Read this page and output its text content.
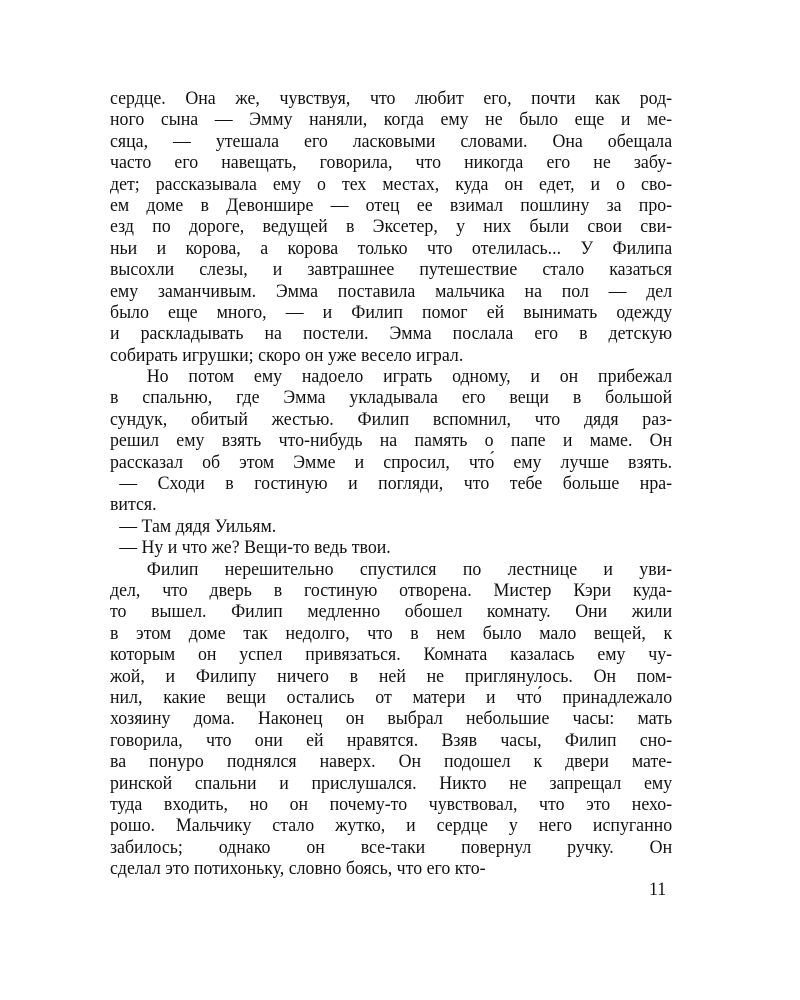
сердце. Она же, чувствуя, что любит его, почти как род-
ного сына — Эмму наняли, когда ему не было еще и ме-
сяца, — утешала его ласковыми словами. Она обещала
часто его навещать, говорила, что никогда его не забу-
дет; рассказывала ему о тех местах, куда он едет, и о сво-
ем доме в Девоншире — отец ее взимал пошлину за про-
езд по дороге, ведущей в Эксетер, у них были свои сви-
ньи и корова, а корова только что отелилась... У Филипа
высохли слезы, и завтрашнее путешествие стало казаться
ему заманчивым. Эмма поставила мальчика на пол — дел
было еще много, — и Филип помог ей вынимать одежду
и раскладывать на постели. Эмма послала его в детскую
собирать игрушки; скоро он уже весело играл.
Но потом ему надоело играть одному, и он прибежал
в спальню, где Эмма укладывала его вещи в большой
сундук, обитый жестью. Филип вспомнил, что дядя раз-
решил ему взять что-нибудь на память о папе и маме. Он
рассказал об этом Эмме и спросил, что́ ему лучше взять.
— Сходи в гостиную и погляди, что тебе больше нра-
вится.
— Там дядя Уильям.
— Ну и что же? Вещи-то ведь твои.
Филип нерешительно спустился по лестнице и уви-
дел, что дверь в гостиную отворена. Мистер Кэри куда-
то вышел. Филип медленно обошел комнату. Они жили
в этом доме так недолго, что в нем было мало вещей, к
которым он успел привязаться. Комната казалась ему чу-
жой, и Филипу ничего в ней не приглянулось. Он пом-
нил, какие вещи остались от матери и что́ принадлежало
хозяину дома. Наконец он выбрал небольшие часы: мать
говорила, что они ей нравятся. Взяв часы, Филип сно-
ва понуро поднялся наверх. Он подошел к двери мате-
ринской спальни и прислушался. Никто не запрещал ему
туда входить, но он почему-то чувствовал, что это нехо-
рошо. Мальчику стало жутко, и сердце у него испуганно
забилось; однако он все-таки повернул ручку. Он
сделал это потихоньку, словно боясь, что его кто-
11
